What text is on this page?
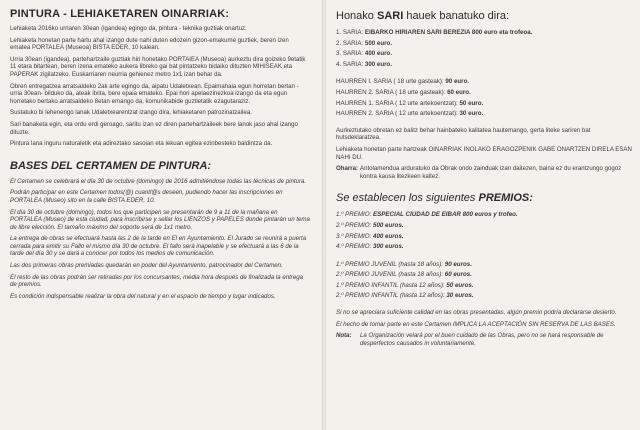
PINTURA - LEHIAKETAREN OINARRIAK:

Lehiaketa 2016ko urriaren 30ean (igandea) egingo da, pintura - teknika guztiak onartuz.

Lehiaketa honetan parte hartu ahal izango dute nahi duten edozein gizon-emakume guztiek, beren izen ematea PORTALEA (Museoa) BISTA EDER, 10 kalean.

Urria 30ean (igandea), partehartzaile guztiak hiri honetako PORTAIEA (Museoa) aurkeztu dira goizeko 9etatik 11 etara bitartean, beren izena emateko aukera libreko gai bat pintatzeko bidaiko dituzten MIHISEAK eta PAPERAK zigilatzeko. Euskarriaren neurria gehienez metro 1x1 izan behar da.

Obren entregatzea arratsaldeko 2ak arte egingo da, aipatu Udaletxean. Epaimahaia egun horretan bertan - urria 30ean- bilduko da, ateak itxita, bere epaia emateko. Epai hori apelaezinezkoa izango da eta egun horretako bertako arratsaldeko 8etan emango da, komunikabide guztietatik ezagutaraziz.

Sustatuko bi lehenengo lanak Udaletxearentzat izango dira, lehiaketaren patrozinatzailea.

Sari banaketa egin, eta ordu erdi geroago, saritu izan ez diren partehartzaileek bere lanok jaso ahal izango dituzte.

Pintura lana inguru naturaletik eta adireztako sasoian eta lekuan egitea ezinbesteko baldintza da.

BASES DEL CERTAMEN DE PINTURA:

El Certamen se celebrará el día 30 de octubre (domingo) de 2016 admitiéndose todas las técnicas de pintura.

Podrán participar en este Certamen todos(@) cuantl@s deseen, pudiendo hacer las inscripciones en PORTALEA (Museo) sito en la calle BISTA EDER, 10.

El día 30 de octubre (domingo), todos los que participen se presentarán de 9 a 11 de la mañana en PORTALEA (Museo) de esta ciudad, para inscribirse y sellar los LIENZOS y PAPELES donde pintarán un tema de libre elección. El tamaño máximo del soporte será de 1x1 metro.

La entrega de obras se efectuará hasta las 2 de la tarde en El en Ayuntamiento. El Jurado se reunirá a puerta cerrada para emitir su Fallo el mismo día 30 de octubre. El fallo será inapelable y se efectuará a las 6 de la tarde del día 30 y se dará a conocer por todos los medios de comunicación.

Las dos primeras obras premiadas quedarán en poder del Ayuntamiento, patrocinador del Certamen.

El resto de las obras podrán ser retiradas por los concursantes, media hora después de finalizada la entrega de premios.

Es condición indispensable realizar la obra del natural y en el espacio de tiempo y lugar indicados.

Honako SARI hauek banatuko dira:

1. SARIA: EIBARKO HIRIAREN SARI BEREZIA 800 euro eta trofeoa.

2. SARIA: 500 euro.

3. SARIA: 400 euro.

4. SARIA: 300 euro.

HAURREN I. SARIA ( 18 urte gasteak): 90 euro.

HAURREN 2. SARIA ( 18 urte gasteak): 60 euro.

HAURREN 1. SARIA ( 12 urte artekoentzat): 50 euro.

HAURREN 2. SARIA ( 12 urte artekoentzat): 30 euro.

Aurkeztutako obretan ez balitz behar hainbateko kalitatea hautemango, gerta liteke sariren bat hutsdeklaratzea.

Lehiaketa honetan parte hartzeak OINARRIAK INOLAKO ERAGOZPENIK GABE ONARTZEN DIRELA ESAN NAHI DU.

Oharra: Antolamendua arduratuko da Obrak ondo zainduak izan daitezen, baina ez du erantzungo gogoz kontra kausa litezkeen kaltez.
Se establecen los siguientes PREMIOS:

1.º PREMIO: ESPECIAL CIUDAD DE EIBAR 800 euros y trofeo.

2.º PREMIO: 500 euros.

3.º PREMIO: 400 euros.

4.º PREMIO: 300 euros.

1.º PREMIO JUVENIL (hasta 18 años): 90 euros.

2.º PREMIO JUVENIL (hasta 18 años): 60 euros.

1.º PREMIO INFANTIL (hasta 12 años): 50 euros.

2.º PREMIO INFANTIL (hasta 12 años): 30 euros.

Si no se apreciara suficiente calidad en las obras presentadas, algún premio podría declararse desierto.

El hecho de tomar parte en este Certamen IMPLICA LA ACEPTACIÓN SIN RESERVA DE LAS BASES.

Nota:	La Organización velará por el buen cuidado de las Obras, pero no se hará responsable de desperfectos causados in voluntariamente.
